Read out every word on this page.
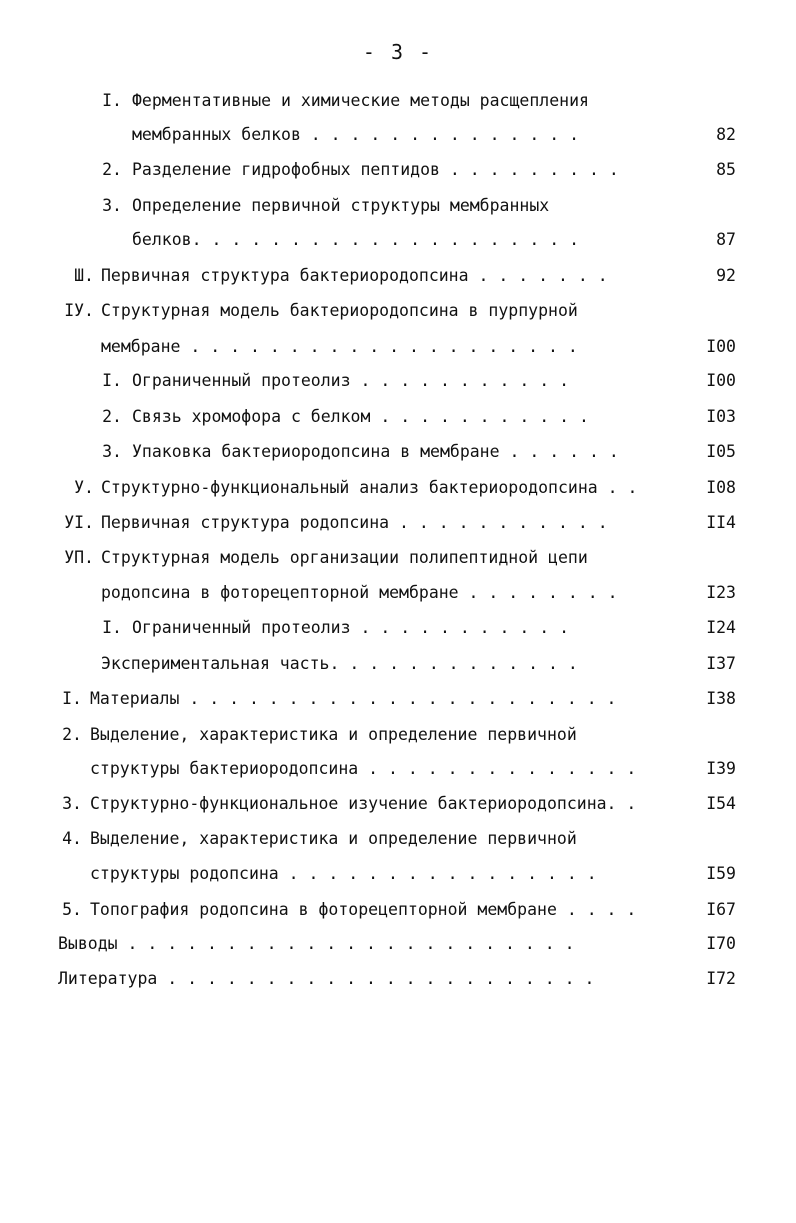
- 3 -
I. Ферментативные и химические методы расщепления
мембранных белков . . . . . . . . . . . . . .	82
2. Разделение гидрофобных пептидов . . . . . . . . .	85
3. Определение первичной структуры мембранных
белков. . . . . . . . . . . . . . . . . . . .	87
Ш. Первичная структура бактериородопсина . . . . . . .	92
IУ. Структурная модель бактериородопсина в пурпурной
мембране . . . . . . . . . . . . . . . . . . . .	I00
I. Ограниченный протеолиз . . . . . . . . . . .	I00
2. Связь хромофора с белком . . . . . . . . . . .	I03
3. Упаковка бактериородопсина в мембране . . . . . .	I05
У. Структурно-функциональный анализ бактериородопсина . .	I08
УI. Первичная структура родопсина . . . . . . . . . . .	II4
УП. Структурная модель организации полипептидной цепи
родопсина в фоторецепторной мембране . . . . . . . .	I23
I. Ограниченный протеолиз . . . . . . . . . . .	I24
Экспериментальная часть. . . . . . . . . . . . .	I37
I. Материалы . . . . . . . . . . . . . . . . . . . . . .	I38
2. Выделение, характеристика и определение первичной
структуры бактериородопсина . . . . . . . . . . . . . .	I39
3. Структурно-функциональное изучение бактериородопсина. .	I54
4. Выделение, характеристика и определение первичной
структуры родопсина . . . . . . . . . . . . . . . .	I59
5. Топография родопсина в фоторецепторной мембране . . . .	I67
Выводы . . . . . . . . . . . . . . . . . . . . . . .	I70
Литература . . . . . . . . . . . . . . . . . . . . . .	I72
